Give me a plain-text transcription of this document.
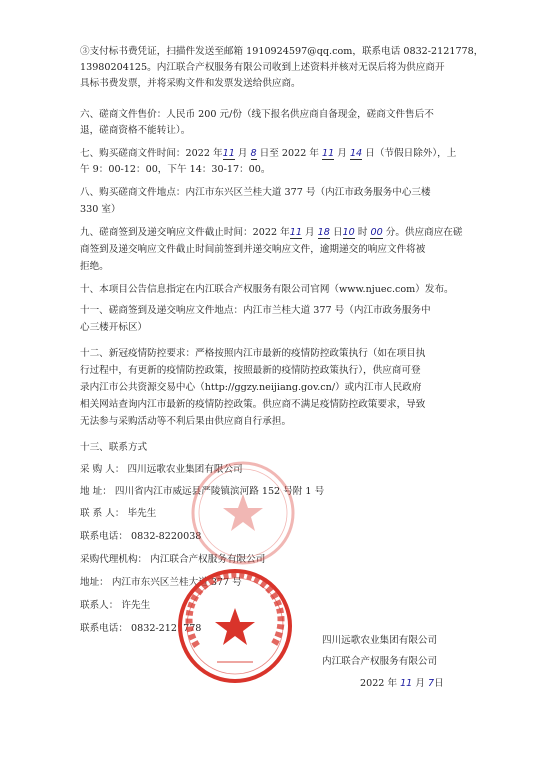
③支付标书费凭证，扫描件发送至邮箱 1910924597@qq.com，联系电话 0832-2121778，
13980204125。内江联合产权服务有限公司收到上述资料并核对无误后将为供应商开
具标书费发票，并将采购文件和发票发送给供应商。
六、磋商文件售价：人民币 200 元/份（线下报名供应商自备现金，磋商文件售后不
退，磋商资格不能转让）。
七、购买磋商文件时间：2022 年11 月 8 日至 2022 年 11 月 14 日（节假日除外），上
午 9：00-12：00，下午 14：30-17：00。
八、购买磋商文件地点：内江市东兴区兰桂大道 377 号（内江市政务服务中心三楼
330 室）
九、磋商签到及递交响应文件截止时间：2022 年11 月 18 日10 时 00 分。供应商应在磋
商签到及递交响应文件截止时间前签到并递交响应文件，逾期递交的响应文件将被
拒绝。
十、本项目公告信息指定在内江联合产权服务有限公司官网（www.njuec.com）发布。
十一、磋商签到及递交响应文件地点：内江市兰桂大道 377 号（内江市政务服务中
心三楼开标区）
十二、新冠疫情防控要求：严格按照内江市最新的疫情防控政策执行（如在项目执
行过程中，有更新的疫情防控政策，按照最新的疫情防控政策执行），供应商可登
录内江市公共资源交易中心（http://ggzy.neijiang.gov.cn/）或内江市人民政府
相关网站查询内江市最新的疫情防控政策。供应商不满足疫情防控政策要求，导致
无法参与采购活动等不利后果由供应商自行承担。
十三、联系方式
采 购 人： 四川远歌农业集团有限公司
地 址： 四川省内江市威远县严陵镇滨河路 152 号附 1 号
联 系 人： 毕先生
联系电话： 0832-8220038
采购代理机构： 内江联合产权服务有限公司
地址： 内江市东兴区兰桂大道 377 号
联系人： 许先生
联系电话： 0832-2121778
四川远歌农业集团有限公司
内江联合产权服务有限公司
2022 年 11 月 7日
